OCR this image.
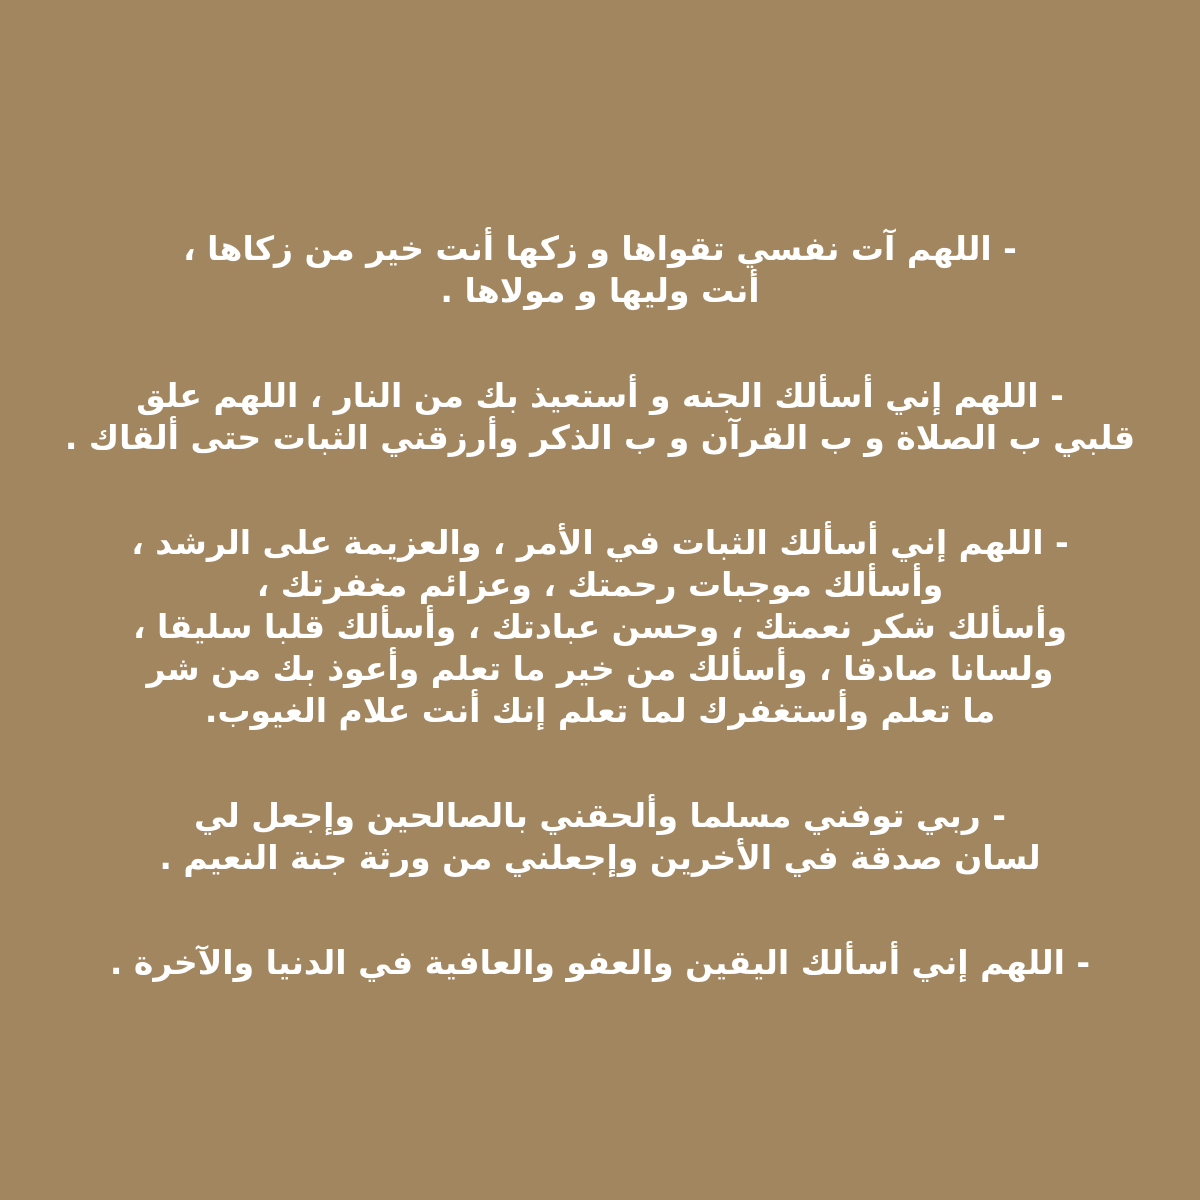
- اللهم آت نفسي تقواها و زكها أنت خير من زكاها ،
أنت وليها و مولاها .
- اللهم إني أسألك الجنه و أستعيذ بك من النار ، اللهم علق
قلبي ب الصلاة و ب القرآن و ب الذكر وأرزقني الثبات حتى ألقاك .
- اللهم إني أسألك الثبات في الأمر ، والعزيمة على الرشد ،
وأسألك موجبات رحمتك ، وعزائم مغفرتك ،
وأسألك شكر نعمتك ، وحسن عبادتك ، وأسألك قلبا سليقا ،
ولسانا صادقا ، وأسألك من خير ما تعلم وأعوذ بك من شر
ما تعلم وأستغفرك لما تعلم إنك أنت علام الغيوب.
- ربي توفني مسلما وألحقني بالصالحين وإجعل لي
لسان صدقة في الأخرين وإجعلني من ورثة جنة النعيم .
- اللهم إني أسألك اليقين والعفو والعافية في الدنيا والآخرة .
